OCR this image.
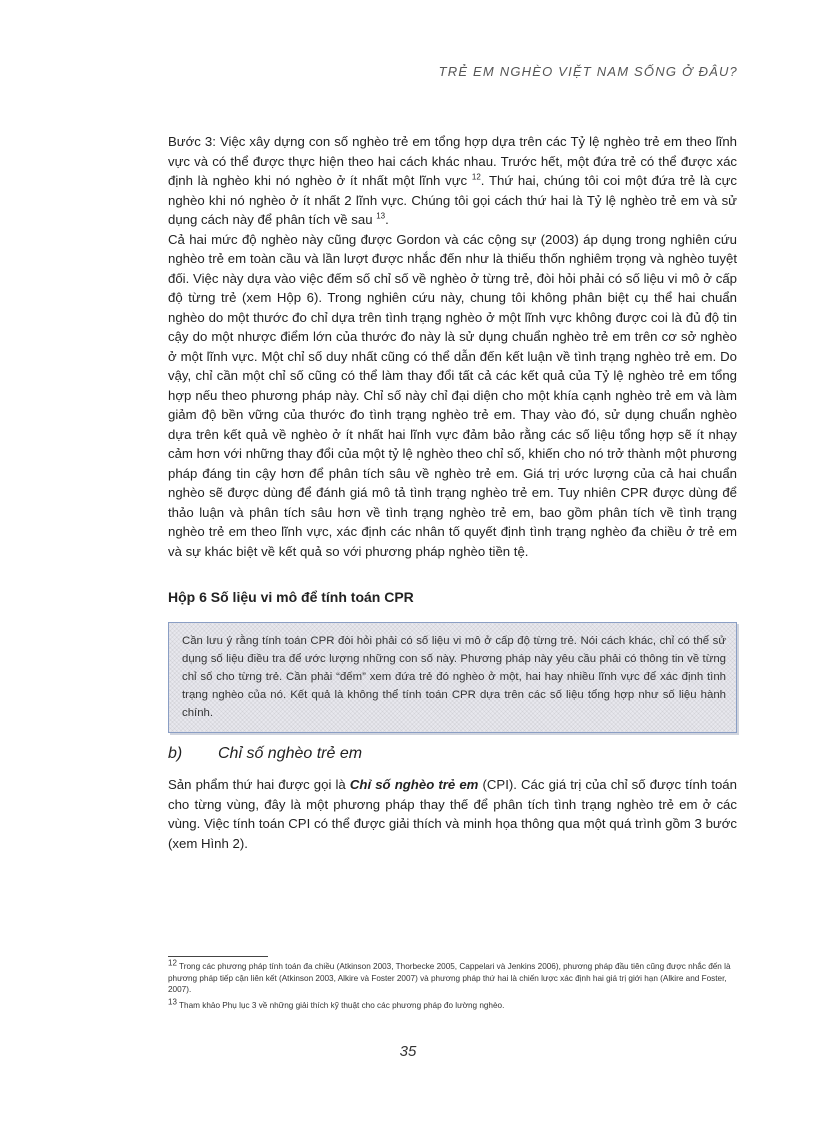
TRẺ EM NGHÈO VIỆT NAM SỐNG Ở ĐÂU?

Bước 3: Việc xây dựng con số nghèo trẻ em tổng hợp dựa trên các Tỷ lệ nghèo trẻ em theo lĩnh vực và có thể được thực hiện theo hai cách khác nhau. Trước hết, một đứa trẻ có thể được xác định là nghèo khi nó nghèo ở ít nhất một lĩnh vực $^{12}$. Thứ hai, chúng tôi coi một đứa trẻ là cực nghèo khi nó nghèo ở ít nhất 2 lĩnh vực. Chúng tôi gọi cách thứ hai là Tỷ lệ nghèo trẻ em và sử dụng cách này để phân tích về sau $^{13}$.

Cả hai mức độ nghèo này cũng được Gordon và các cộng sự (2003) áp dụng trong nghiên cứu nghèo trẻ em toàn cầu và lần lượt được nhắc đến như là thiếu thốn nghiêm trọng và nghèo tuyệt đối. Việc này dựa vào việc đếm số chỉ số về nghèo ở từng trẻ, đòi hỏi phải có số liệu vi mô ở cấp độ từng trẻ (xem Hộp 6). Trong nghiên cứu này, chung tôi không phân biệt cụ thể hai chuẩn nghèo do một thước đo chỉ dựa trên tình trạng nghèo ở một lĩnh vực không được coi là đủ độ tin cậy do một nhược điểm lớn của thước đo này là sử dụng chuẩn nghèo trẻ em trên cơ sở nghèo ở một lĩnh vực. Một chỉ số duy nhất cũng có thể dẫn đến kết luận về tình trạng nghèo trẻ em. Do vậy, chỉ cần một chỉ số cũng có thể làm thay đổi tất cả các kết quả của Tỷ lệ nghèo trẻ em tổng hợp nếu theo phương pháp này. Chỉ số này chỉ đại diện cho một khía cạnh nghèo trẻ em và làm giảm độ bền vững của thước đo tình trạng nghèo trẻ em. Thay vào đó, sử dụng chuẩn nghèo dựa trên kết quả về nghèo ở ít nhất hai lĩnh vực đảm bảo rằng các số liệu tổng hợp sẽ ít nhạy cảm hơn với những thay đổi của một tỷ lệ nghèo theo chỉ số, khiến cho nó trở thành một phương pháp đáng tin cậy hơn để phân tích sâu về nghèo trẻ em. Giá trị ước lượng của cả hai chuẩn nghèo sẽ được dùng để đánh giá mô tả tình trạng nghèo trẻ em. Tuy nhiên CPR được dùng để thảo luận và phân tích sâu hơn về tình trạng nghèo trẻ em, bao gồm phân tích về tình trạng nghèo trẻ em theo lĩnh vực, xác định các nhân tố quyết định tình trạng nghèo đa chiều ở trẻ em và sự khác biệt về kết quả so với phương pháp nghèo tiền tệ.

Hộp 6 Số liệu vi mô để tính toán CPR

Cần lưu ý rằng tính toán CPR đòi hỏi phải có số liệu vi mô ở cấp độ từng trẻ. Nói cách khác, chỉ có thể sử dụng số liệu điều tra để ước lượng những con số này. Phương pháp này yêu cầu phải có thông tin về từng chỉ số cho từng trẻ. Cần phải “đếm” xem đứa trẻ đó nghèo ở một, hai hay nhiều lĩnh vực để xác định tình trạng nghèo của nó. Kết quả là không thể tính toán CPR dựa trên các số liệu tổng hợp như số liệu hành chính.

b)	Chỉ số nghèo trẻ em

Sản phẩm thứ hai được gọi là Chỉ số nghèo trẻ em (CPI). Các giá trị của chỉ số được tính toán cho từng vùng, đây là một phương pháp thay thế để phân tích tình trạng nghèo trẻ em ở các vùng. Việc tính toán CPI có thể được giải thích và minh họa thông qua một quá trình gồm 3 bước (xem Hình 2).

$^{12}$ Trong các phương pháp tính toán đa chiều (Atkinson 2003, Thorbecke 2005, Cappelari và Jenkins 2006), phương pháp đầu tiên cũng được nhắc đến là phương pháp tiếp cận liên kết (Atkinson 2003, Alkire và Foster 2007) và phương pháp thứ hai là chiến lược xác định hai giá trị giới hạn (Alkire and Foster, 2007).
$^{13}$ Tham khảo Phụ lục 3 về những giải thích kỹ thuật cho các phương pháp đo lường nghèo.
35
